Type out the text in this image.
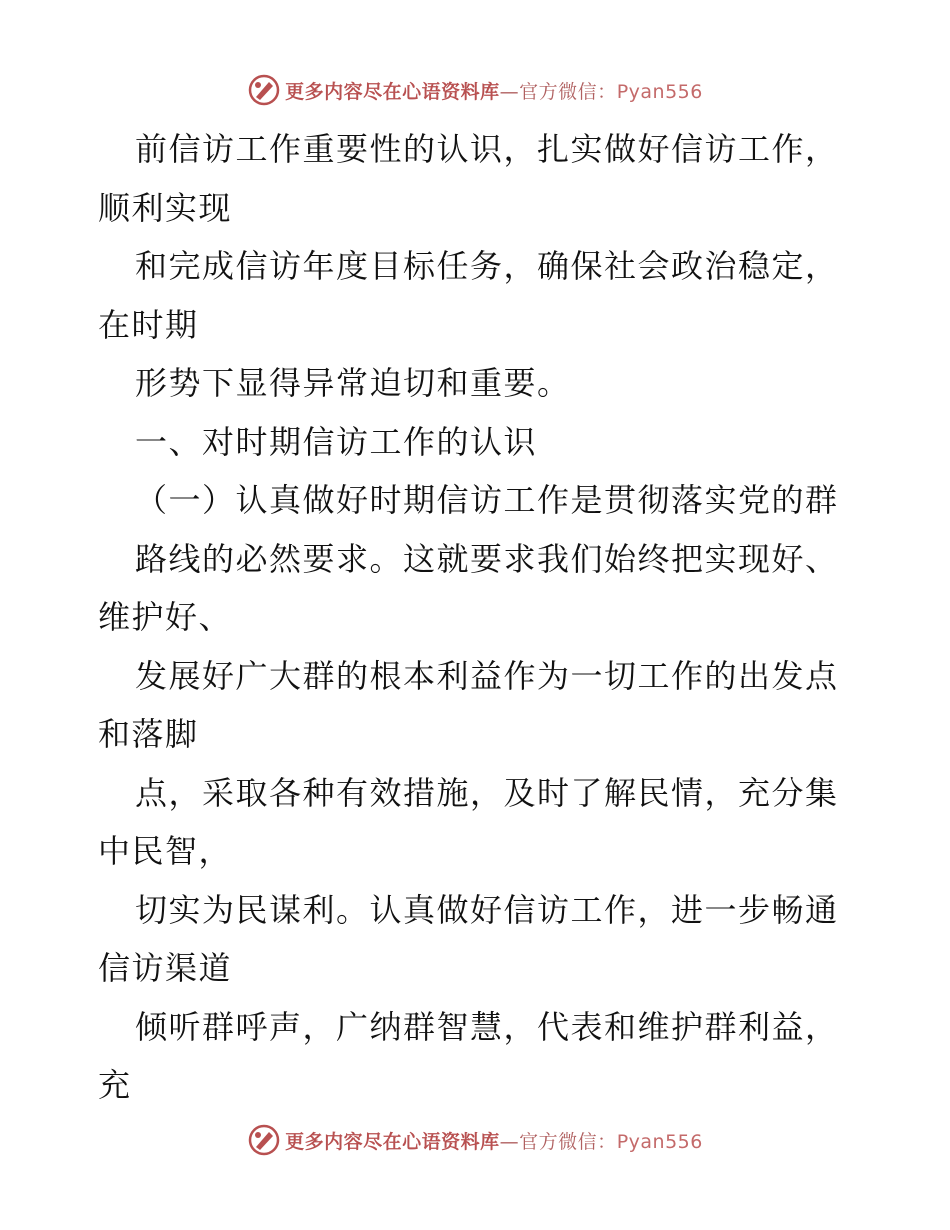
更多内容尽在心语资料库—官方微信：Pyan556
前信访工作重要性的认识，扎实做好信访工作，
顺利实现
和完成信访年度目标任务，确保社会政治稳定，
在时期
形势下显得异常迫切和重要。
一、对时期信访工作的认识
（一）认真做好时期信访工作是贯彻落实党的群
路线的必然要求。这就要求我们始终把实现好、
维护好、
发展好广大群的根本利益作为一切工作的出发点
和落脚
点，采取各种有效措施，及时了解民情，充分集
中民智，
切实为民谋利。认真做好信访工作，进一步畅通
信访渠道
倾听群呼声，广纳群智慧，代表和维护群利益，
充
更多内容尽在心语资料库—官方微信：Pyan556
